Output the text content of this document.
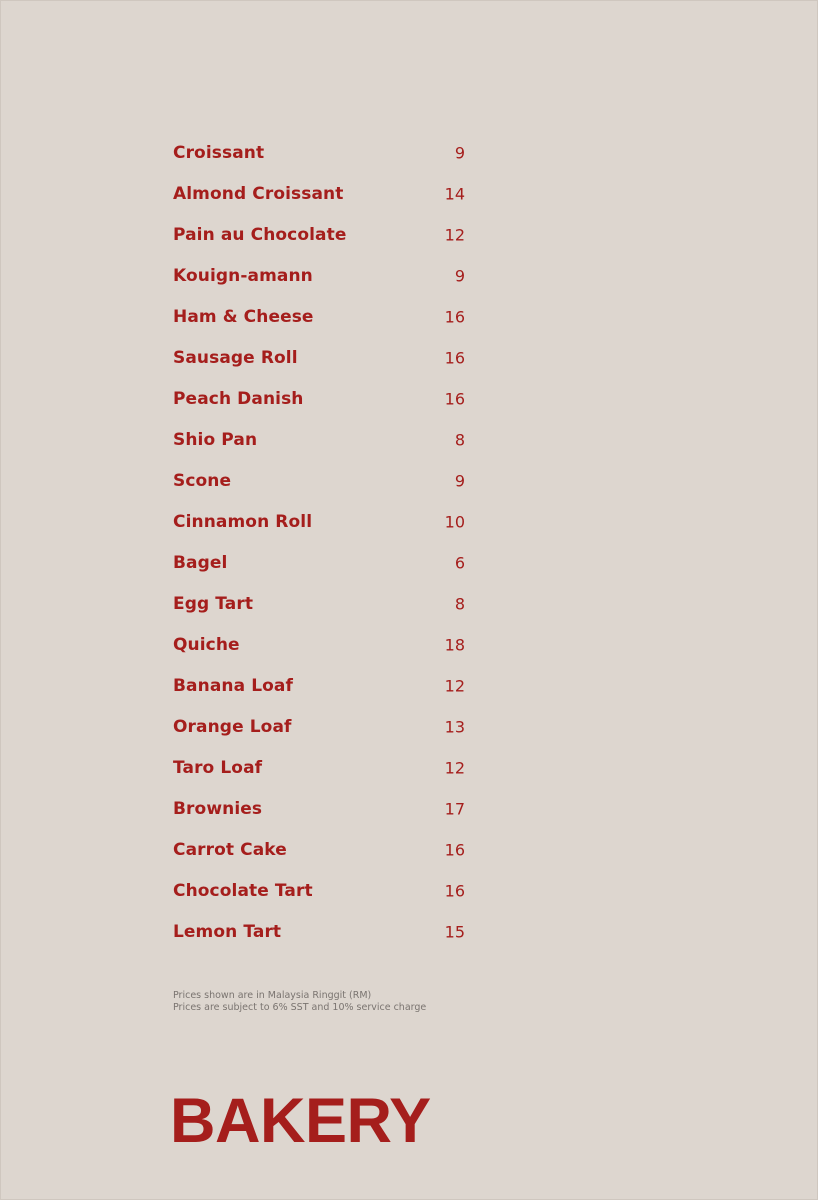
Croissant	9
Almond Croissant	14
Pain au Chocolate	12
Kouign-amann	9
Ham & Cheese	16
Sausage Roll	16
Peach Danish	16
Shio Pan	8
Scone	9
Cinnamon Roll	10
Bagel	6
Egg Tart	8
Quiche	18
Banana Loaf	12
Orange Loaf	13
Taro Loaf	12
Brownies	17
Carrot Cake	16
Chocolate Tart	16
Lemon Tart	15
Prices shown are in Malaysia Ringgit (RM)
Prices are subject to 6% SST and 10% service charge
BAKERY
